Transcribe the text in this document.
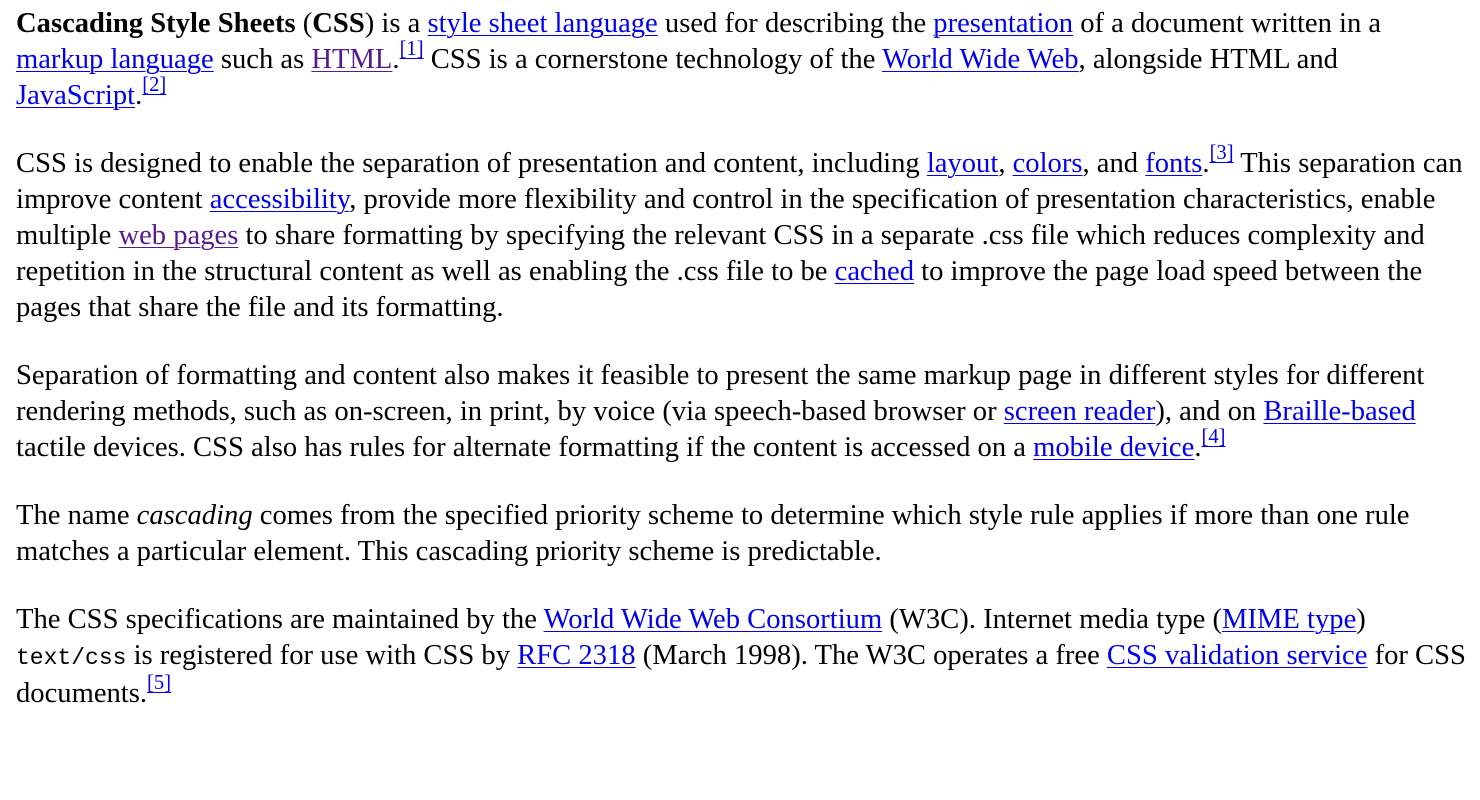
Cascading Style Sheets (CSS) is a style sheet language used for describing the presentation of a document written in a markup language such as HTML.[1] CSS is a cornerstone technology of the World Wide Web, alongside HTML and JavaScript.[2]

CSS is designed to enable the separation of presentation and content, including layout, colors, and fonts.[3] This separation can improve content accessibility, provide more flexibility and control in the specification of presentation characteristics, enable multiple web pages to share formatting by specifying the relevant CSS in a separate .css file which reduces complexity and repetition in the structural content as well as enabling the .css file to be cached to improve the page load speed between the pages that share the file and its formatting.

Separation of formatting and content also makes it feasible to present the same markup page in different styles for different rendering methods, such as on-screen, in print, by voice (via speech-based browser or screen reader), and on Braille-based tactile devices. CSS also has rules for alternate formatting if the content is accessed on a mobile device.[4]

The name cascading comes from the specified priority scheme to determine which style rule applies if more than one rule matches a particular element. This cascading priority scheme is predictable.

The CSS specifications are maintained by the World Wide Web Consortium (W3C). Internet media type (MIME type) text/css is registered for use with CSS by RFC 2318 (March 1998). The W3C operates a free CSS validation service for CSS documents.[5]
